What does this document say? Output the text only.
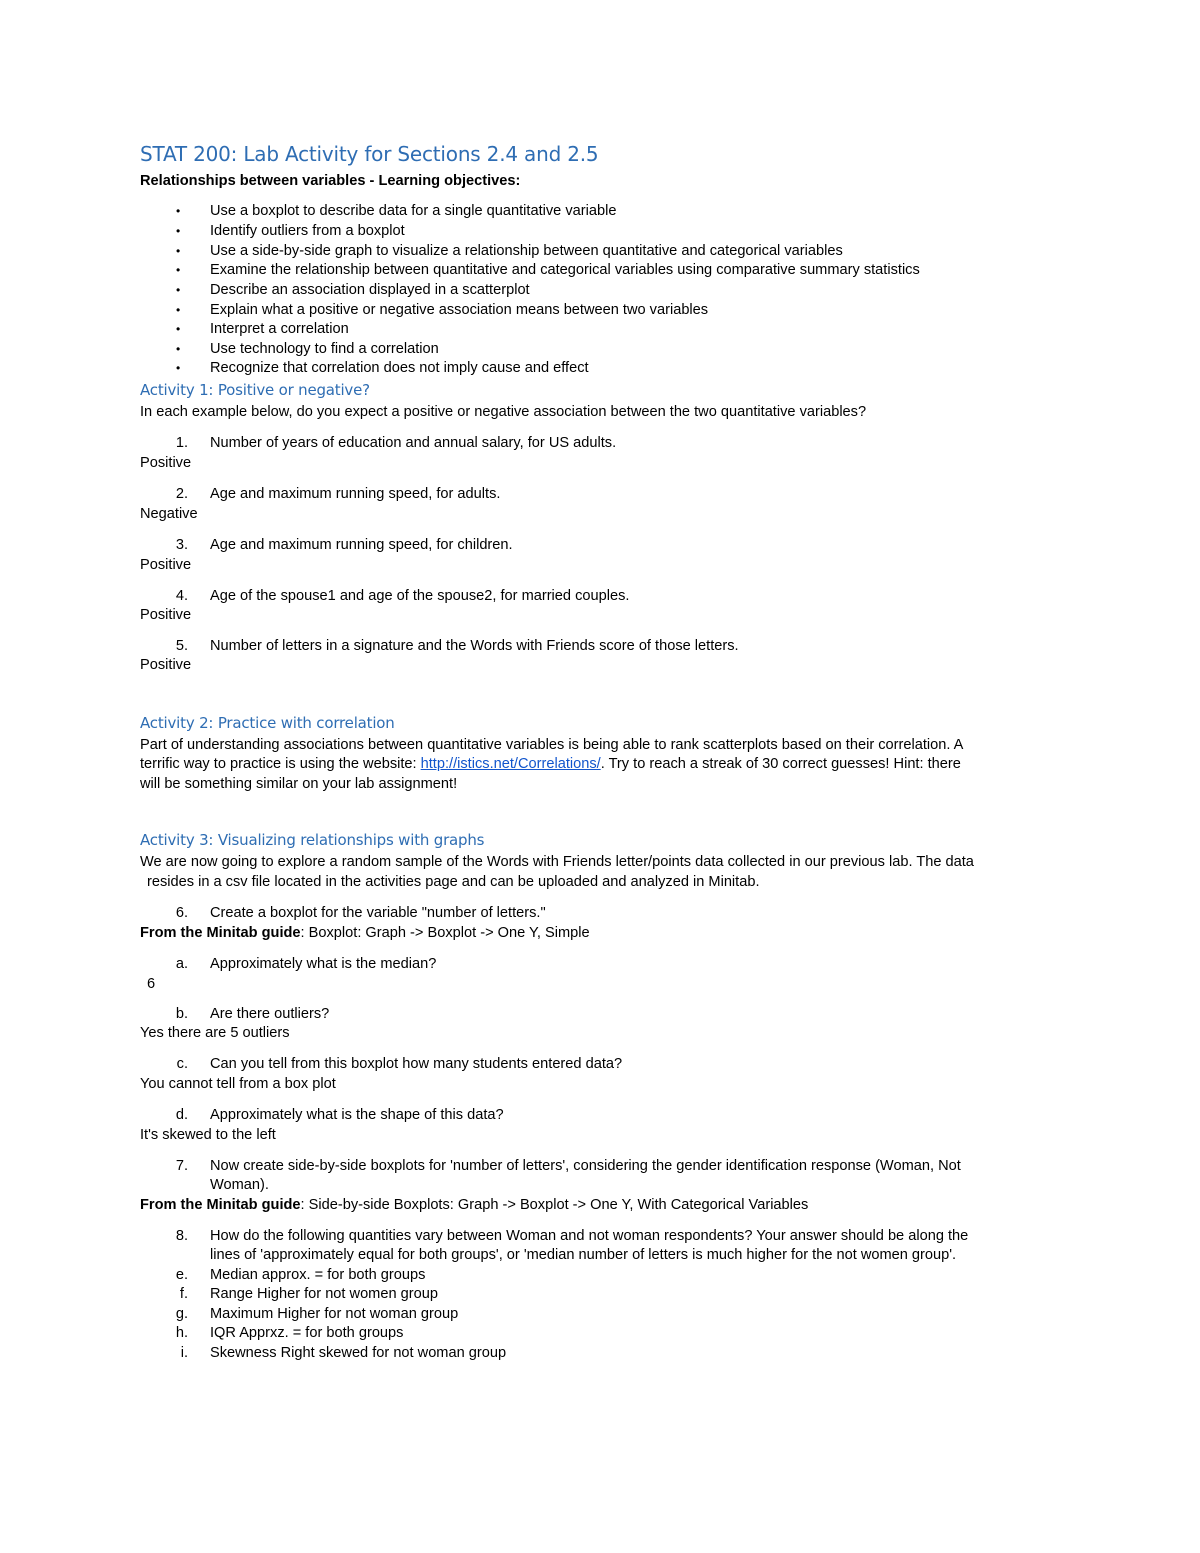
STAT 200: Lab Activity for Sections 2.4 and 2.5
Relationships between variables - Learning objectives:
• Use a boxplot to describe data for a single quantitative variable
• Identify outliers from a boxplot
• Use a side-by-side graph to visualize a relationship between quantitative and categorical variables
• Examine the relationship between quantitative and categorical variables using comparative summary statistics
• Describe an association displayed in a scatterplot
• Explain what a positive or negative association means between two variables
• Interpret a correlation
• Use technology to find a correlation
• Recognize that correlation does not imply cause and effect
Activity 1: Positive or negative?
In each example below, do you expect a positive or negative association between the two quantitative variables?
1. Number of years of education and annual salary, for US adults.
Positive
2. Age and maximum running speed, for adults.
Negative
3. Age and maximum running speed, for children.
Positive
4. Age of the spouse1 and age of the spouse2, for married couples.
Positive
5. Number of letters in a signature and the Words with Friends score of those letters.
Positive
Activity 2: Practice with correlation
Part of understanding associations between quantitative variables is being able to rank scatterplots based on their correlation. A
terrific way to practice is using the website: http://istics.net/Correlations/. Try to reach a streak of 30 correct guesses! Hint: there
will be something similar on your lab assignment!
Activity 3: Visualizing relationships with graphs
We are now going to explore a random sample of the Words with Friends letter/points data collected in our previous lab. The data
resides in a csv file located in the activities page and can be uploaded and analyzed in Minitab.
6. Create a boxplot for the variable "number of letters."
From the Minitab guide: Boxplot: Graph -> Boxplot -> One Y, Simple
a. Approximately what is the median?
6
b. Are there outliers?
Yes there are 5 outliers
c. Can you tell from this boxplot how many students entered data?
You cannot tell from a box plot
d. Approximately what is the shape of this data?
It's skewed to the left
7. Now create side-by-side boxplots for 'number of letters', considering the gender identification response (Woman, Not
Woman).
From the Minitab guide: Side-by-side Boxplots: Graph -> Boxplot -> One Y, With Categorical Variables
8. How do the following quantities vary between Woman and not woman respondents? Your answer should be along the
lines of 'approximately equal for both groups', or 'median number of letters is much higher for the not women group'.
e. Median approx. = for both groups
f. Range Higher for not women group
g. Maximum Higher for not woman group
h. IQR Apprxz. = for both groups
i. Skewness Right skewed for not woman group
